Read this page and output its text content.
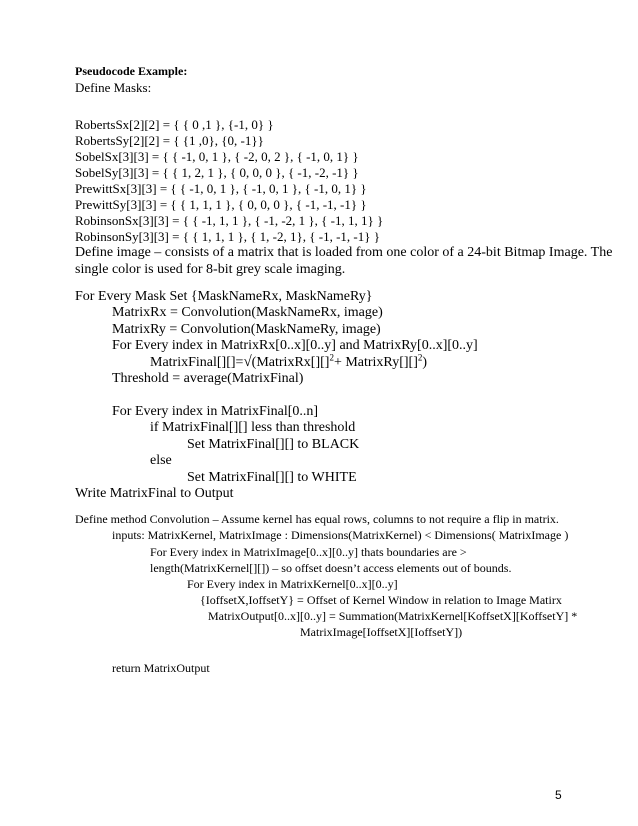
Pseudocode Example:
Define Masks:
RobertsSx[2][2] = { { 0 ,1 }, {-1, 0} }
RobertsSy[2][2] = { {1 ,0}, {0, -1}}
SobelSx[3][3] = { { -1, 0, 1 }, { -2, 0, 2 }, { -1, 0, 1} }
SobelSy[3][3] = { { 1, 2, 1 }, { 0, 0, 0 }, { -1, -2, -1} }
PrewittSx[3][3] = { { -1, 0, 1 }, { -1, 0, 1 }, { -1, 0, 1} }
PrewittSy[3][3] = { { 1, 1, 1 }, { 0, 0, 0 }, { -1, -1, -1} }
RobinsonSx[3][3] = { { -1, 1, 1 }, { -1, -2, 1 }, { -1, 1, 1} }
RobinsonSy[3][3] = { { 1, 1, 1 }, { 1, -2, 1}, { -1, -1, -1} }
Define image – consists of a matrix that is loaded from one color of a 24-bit Bitmap Image. The
single color is used for 8-bit grey scale imaging.
For Every Mask Set {MaskNameRx, MaskNameRy}
MatrixRx = Convolution(MaskNameRx, image)
MatrixRy = Convolution(MaskNameRy, image)
For Every index in MatrixRx[0..x][0..y] and MatrixRy[0..x][0..y]
MatrixFinal[][]=√(MatrixRx[][]$^2$+ MatrixRy[][]$^2$)
Threshold = average(MatrixFinal)
For Every index in MatrixFinal[0..n]
if MatrixFinal[][] less than threshold
Set MatrixFinal[][] to BLACK
else
Set MatrixFinal[][] to WHITE
Write MatrixFinal to Output
Define method Convolution – Assume kernel has equal rows, columns to not require a flip in matrix.
inputs: MatrixKernel, MatrixImage : Dimensions(MatrixKernel) < Dimensions( MatrixImage )
For Every index in MatrixImage[0..x][0..y] thats boundaries are >
length(MatrixKernel[][]) – so offset doesn’t access elements out of bounds.
For Every index in MatrixKernel[0..x][0..y]
{IoffsetX,IoffsetY} = Offset of Kernel Window in relation to Image Matirx
MatrixOutput[0..x][0..y] = Summation(MatrixKernel[KoffsetX][KoffsetY] *
MatrixImage[IoffsetX][IoffsetY])
return MatrixOutput
5
